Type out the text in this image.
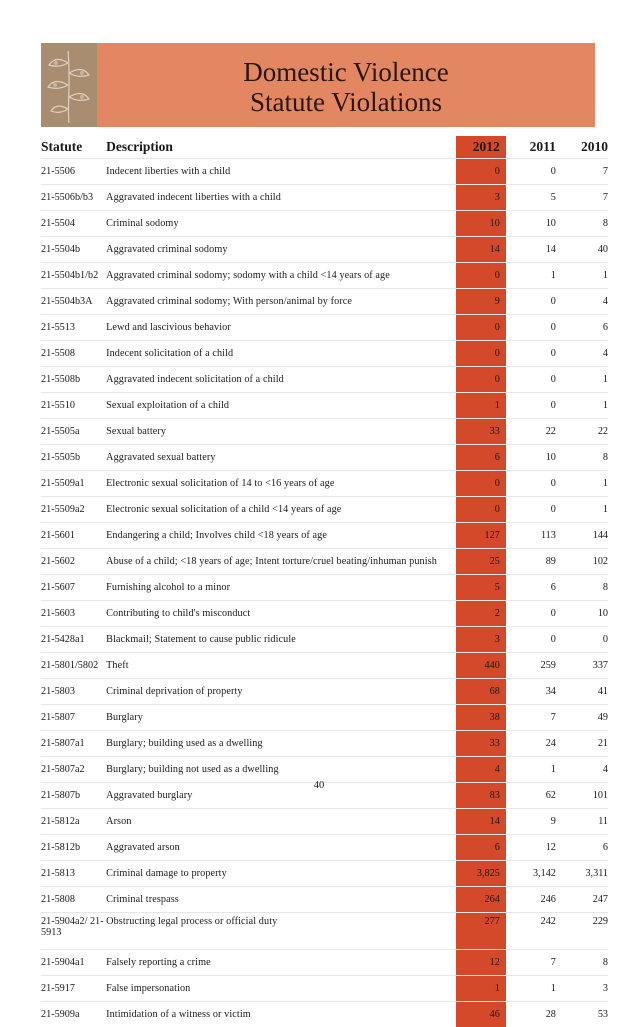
Domestic Violence
Statute Violations
Statute	Description	2012	2011	2010
21-5506	Indecent liberties with a child	0	0	7
21-5506b/b3	Aggravated indecent liberties with a child	3	5	7
21-5504	Criminal sodomy	10	10	8
21-5504b	Aggravated criminal sodomy	14	14	40
21-5504b1/b2	Aggravated criminal sodomy; sodomy with a child <14 years of age	0	1	1
21-5504b3A	Aggravated criminal sodomy; With person/animal by force	9	0	4
21-5513	Lewd and lascivious behavior	0	0	6
21-5508	Indecent solicitation of a child	0	0	4
21-5508b	Aggravated indecent solicitation of a child	0	0	1
21-5510	Sexual exploitation of a child	1	0	1
21-5505a	Sexual battery	33	22	22
21-5505b	Aggravated sexual battery	6	10	8
21-5509a1	Electronic sexual solicitation of 14 to <16 years of age	0	0	1
21-5509a2	Electronic sexual solicitation of a child <14 years of age	0	0	1
21-5601	Endangering a child; Involves child <18 years of age	127	113	144
21-5602	Abuse of a child; <18 years of age; Intent torture/cruel beating/inhuman punish	25	89	102
21-5607	Furnishing alcohol to a minor	5	6	8
21-5603	Contributing to child's misconduct	2	0	10
21-5428a1	Blackmail; Statement to cause public ridicule	3	0	0
21-5801/5802	Theft	440	259	337
21-5803	Criminal deprivation of property	68	34	41
21-5807	Burglary	38	7	49
21-5807a1	Burglary; building used as a dwelling	33	24	21
21-5807a2	Burglary; building not used as a dwelling	4	1	4
21-5807b	Aggravated burglary	83	62	101
21-5812a	Arson	14	9	11
21-5812b	Aggravated arson	6	12	6
21-5813	Criminal damage to property	3,825	3,142	3,311
21-5808	Criminal trespass	264	246	247
21-5904a2/ 21-5913	Obstructing legal process or official duty	277	242	229
21-5904a1	Falsely reporting a crime	12	7	8
21-5917	False impersonation	1	1	3
21-5909a	Intimidation of a witness or victim	46	28	53
40
